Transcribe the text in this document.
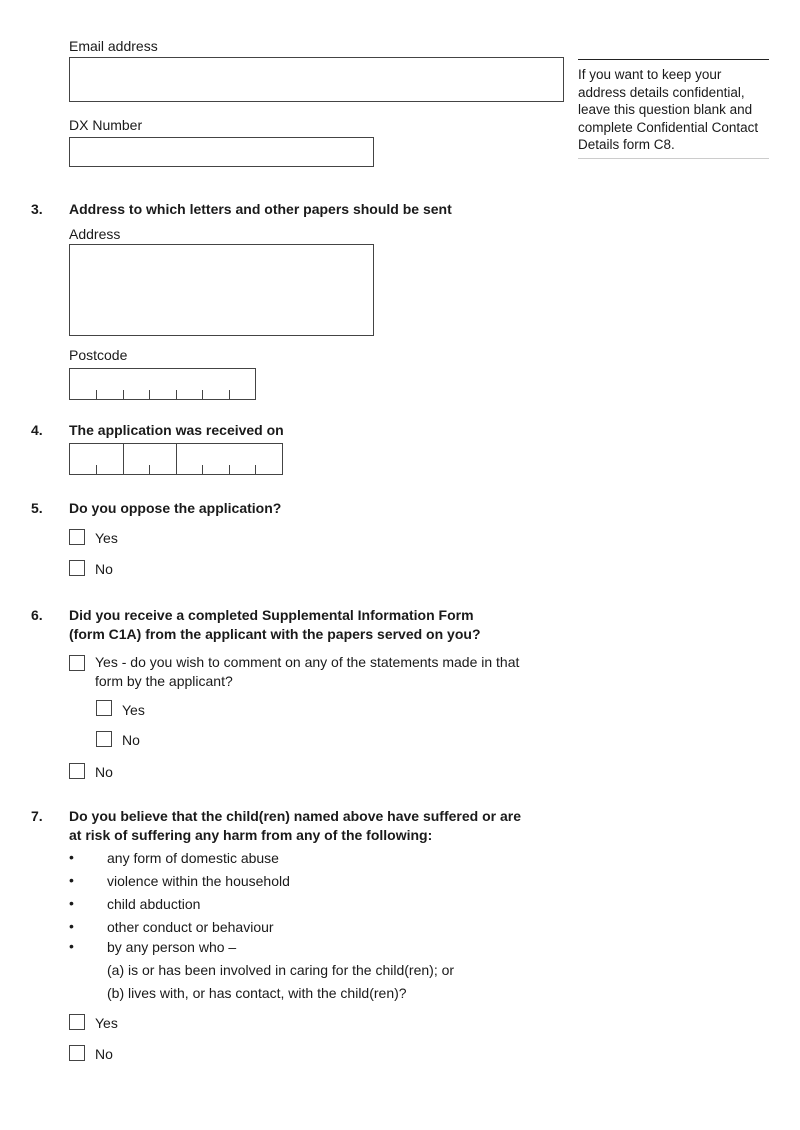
Email address
If you want to keep your address details confidential, leave this question blank and complete Confidential Contact Details form C8.
DX Number
3. Address to which letters and other papers should be sent
Address
Postcode
4. The application was received on
5. Do you oppose the application?
Yes
No
6. Did you receive a completed Supplemental Information Form
(form C1A) from the applicant with the papers served on you?
Yes - do you wish to comment on any of the statements made in that
form by the applicant?
Yes
No
No
7. Do you believe that the child(ren) named above have suffered or are
at risk of suffering any harm from any of the following:
• any form of domestic abuse
• violence within the household
• child abduction
• other conduct or behaviour
• by any person who –
(a) is or has been involved in caring for the child(ren); or
(b) lives with, or has contact, with the child(ren)?
Yes
No
